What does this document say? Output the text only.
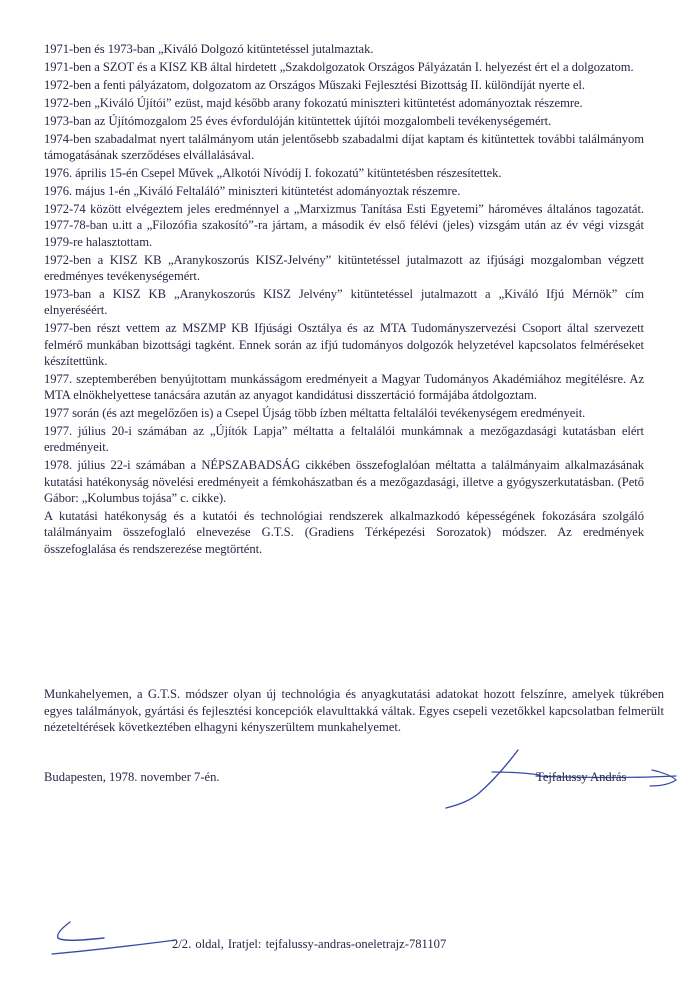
1971-ben és 1973-ban „Kiváló Dolgozó kitüntetéssel jutalmaztak.

1971-ben a SZOT és a KISZ KB által hirdetett „Szakdolgozatok Országos Pályázatán I. helyezést ért el a dolgozatom.

1972-ben a fenti pályázatom, dolgozatom az Országos Műszaki Fejlesztési Bizottság II. különdíját nyerte el.

1972-ben „Kiváló Újítói” ezüst, majd később arany fokozatú miniszteri kitüntetést adományoztak részemre.

1973-ban az Újítómozgalom 25 éves évfordulóján kitüntettek újítói mozgalombeli tevékenységemért.

1974-ben szabadalmat nyert találmányom után jelentősebb szabadalmi díjat kaptam és kitüntettek további találmányom támogatásának szerződéses elvállalásával.

1976. április 15-én Csepel Művek „Alkotói Nívódíj I. fokozatú” kitüntetésben részesítettek.

1976. május 1-én „Kiváló Feltaláló” miniszteri kitüntetést adományoztak részemre.

1972-74 között elvégeztem jeles eredménnyel a „Marxizmus Tanítása Esti Egyetemi” hároméves általános tagozatát. 1977-78-ban u.itt a „Filozófia szakosító”-ra jártam, a második év első félévi (jeles) vizsgám után az év végi vizsgát 1979-re halasztottam.

1972-ben a KISZ KB „Aranykoszorús KISZ-Jelvény” kitüntetéssel jutalmazott az ifjúsági mozgalomban végzett eredményes tevékenységemért.

1973-ban a KISZ KB „Aranykoszorús KISZ Jelvény” kitüntetéssel jutalmazott a „Kiváló Ifjú Mérnök” cím elnyeréséért.

1977-ben részt vettem az MSZMP KB Ifjúsági Osztálya és az MTA Tudományszervezési Csoport által szervezett felmérő munkában bizottsági tagként. Ennek során az ifjú tudományos dolgozók helyzetével kapcsolatos felméréseket készítettünk.

1977. szeptemberében benyújtottam munkásságom eredményeit a Magyar Tudományos Akadémiához megítélésre. Az MTA elnökhelyettese tanácsára azután az anyagot kandidátusi disszertáció formájába átdolgoztam.

1977 során (és azt megelőzően is) a Csepel Újság több ízben méltatta feltalálói tevékenységem eredményeit.

1977. július 20-i számában az „Újítók Lapja” méltatta a feltalálói munkámnak a mezőgazdasági kutatásban elért eredményeit.

1978. július 22-i számában a NÉPSZABADSÁG cikkében összefoglalóan méltatta a találmányaim alkalmazásának kutatási hatékonyság növelési eredményeit a fémkohászatban és a mezőgazdasági, illetve a gyógyszerkutatásban. (Pető Gábor: „Kolumbus tojása” c. cikke).

A kutatási hatékonyság és a kutatói és technológiai rendszerek alkalmazkodó képességének fokozására szolgáló találmányaim összefoglaló elnevezése G.T.S. (Gradiens Térképezési Sorozatok) módszer. Az eredmények összefoglalása és rendszerezése megtörtént.

Munkahelyemen, a G.T.S. módszer olyan új technológia és anyagkutatási adatokat hozott felszínre, amelyek tükrében egyes találmányok, gyártási és fejlesztési koncepciók elavulttakká váltak. Egyes csepeli vezetőkkel kapcsolatban felmerült nézeteltérések következtében elhagyni kényszerültem munkahelyemet.

Budapesten, 1978. november 7-én.	Tejfalussy András
2/2. oldal, Iratjel: tejfalussy-andras-oneletrajz-781107
